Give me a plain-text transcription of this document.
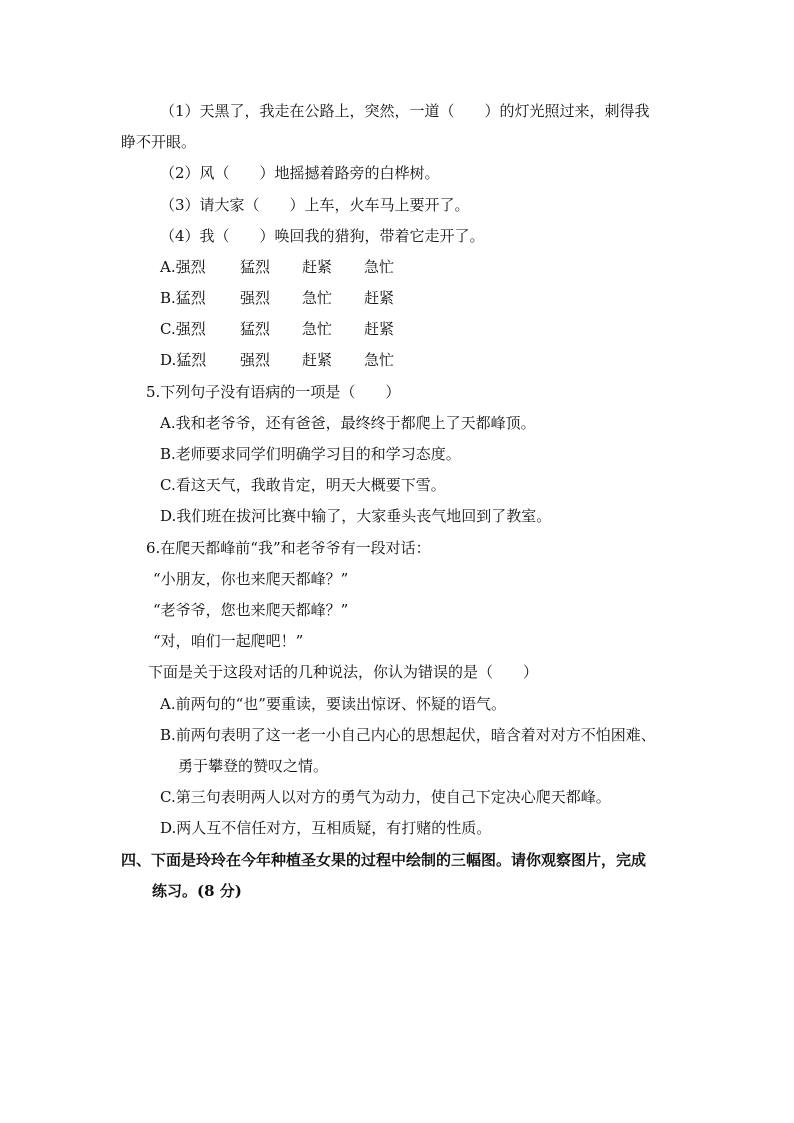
（1）天黑了，我走在公路上，突然，一道（　　）的灯光照过来，刺得我
睁不开眼。
（2）风（　　）地摇撼着路旁的白桦树。
（3）请大家（　　）上车，火车马上要开了。
（4）我（　　）唤回我的猎狗，带着它走开了。
A.强烈 猛烈 赶紧 急忙
B.猛烈 强烈 急忙 赶紧
C.强烈 猛烈 急忙 赶紧
D.猛烈 强烈 赶紧 急忙
5.下列句子没有语病的一项是（　　）
A.我和老爷爷，还有爸爸，最终终于都爬上了天都峰顶。
B.老师要求同学们明确学习目的和学习态度。
C.看这天气，我敢肯定，明天大概要下雪。
D.我们班在拔河比赛中输了，大家垂头丧气地回到了教室。
6.在爬天都峰前“我”和老爷爷有一段对话：
“小朋友，你也来爬天都峰？”
“老爷爷，您也来爬天都峰？”
“对，咱们一起爬吧！”
下面是关于这段对话的几种说法，你认为错误的是（　　）
A.前两句的“也”要重读，要读出惊讶、怀疑的语气。
B.前两句表明了这一老一小自己内心的思想起伏，暗含着对对方不怕困难、
勇于攀登的赞叹之情。
C.第三句表明两人以对方的勇气为动力，使自己下定决心爬天都峰。
D.两人互不信任对方，互相质疑，有打赌的性质。
四、下面是玲玲在今年种植圣女果的过程中绘制的三幅图。请你观察图片，完成
练习。(8 分)
